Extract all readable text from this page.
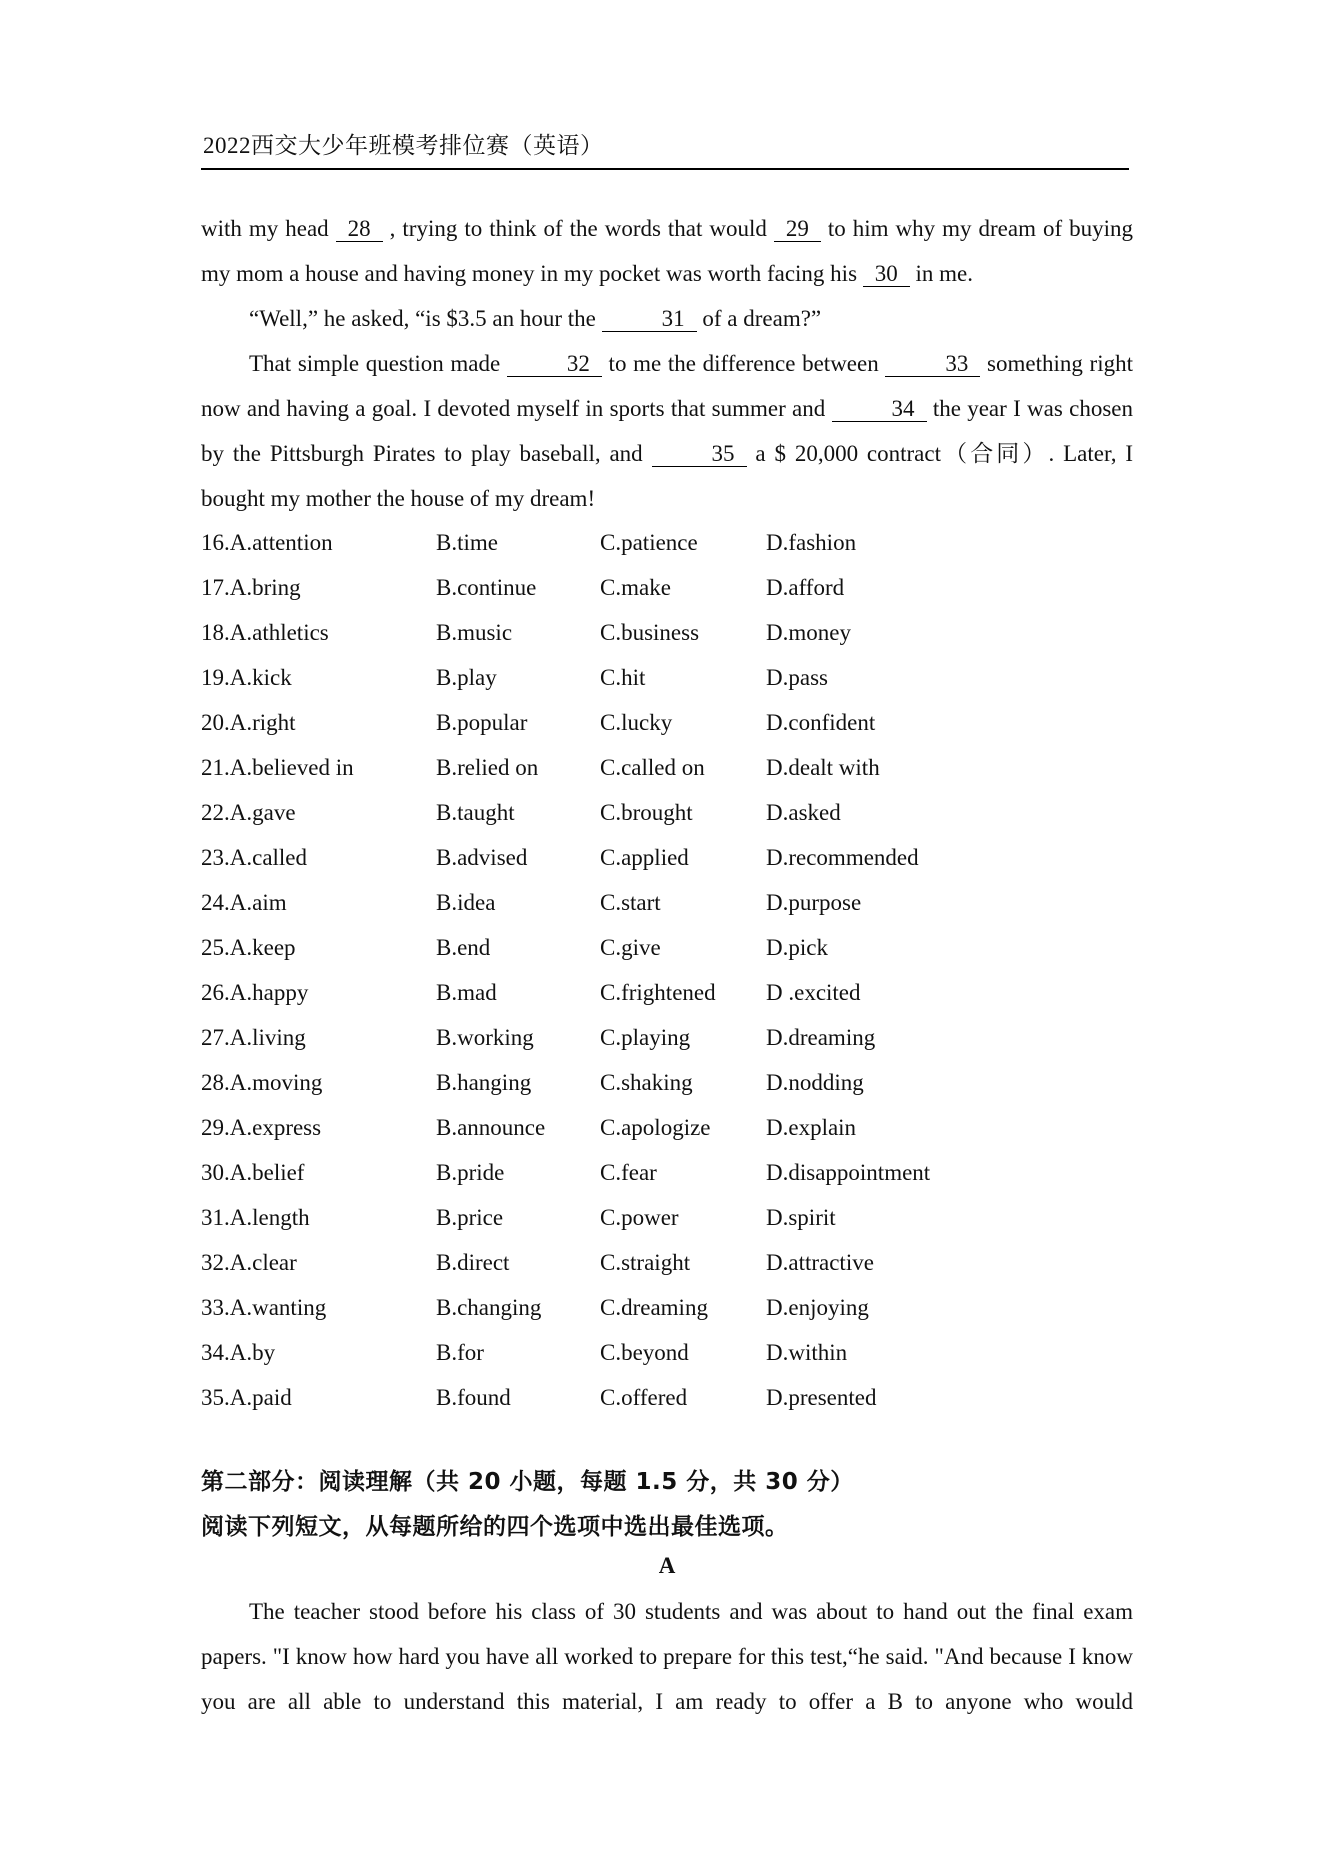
2022西交大少年班模考排位赛（英语）

with my head 28 , trying to think of the words that would 29 to him why my dream of buying my mom a house and having money in my pocket was worth facing his 30 in me.

“Well,” he asked, “is $3.5 an hour the	31 of a dream?”

That simple question made	32 to me the difference between	33 something right now and having a goal. I devoted myself in sports that summer and	34 the year I was chosen by the Pittsburgh Pirates to play baseball, and	35 a $ 20,000 contract（合同）. Later, I bought my mother the house of my dream!

16.A.attention	B.time	C.patience	D.fashion
17.A.bring	B.continue	C.make	D.afford
18.A.athletics	B.music	C.business	D.money
19.A.kick	B.play	C.hit	D.pass
20.A.right	B.popular	C.lucky	D.confident
21.A.believed in	B.relied on	C.called on	D.dealt with
22.A.gave	B.taught	C.brought	D.asked
23.A.called	B.advised	C.applied	D.recommended
24.A.aim	B.idea	C.start	D.purpose
25.A.keep	B.end	C.give	D.pick
26.A.happy	B.mad	C.frightened D .excited
27.A.living	B.working	C.playing	D.dreaming
28.A.moving	B.hanging	C.shaking	D.nodding
29.A.express	B.announce C.apologize D.explain
30.A.belief	B.pride	C.fear	D.disappointment
31.A.length	B.price	C.power	D.spirit
32.A.clear	B.direct	C.straight	D.attractive
33.A.wanting	B.changing	C.dreaming	D.enjoying
34.A.by	B.for	C.beyond	D.within
35.A.paid	B.found	C.offered	D.presented
第二部分：阅读理解（共 20 小题，每题 1.5 分，共 30 分）
阅读下列短文，从每题所给的四个选项中选出最佳选项。
A

The teacher stood before his class of 30 students and was about to hand out the final exam papers. "I know how hard you have all worked to prepare for this test,“he said. "And because I know you are all able to understand this material, I am ready to offer a B to anyone who would
